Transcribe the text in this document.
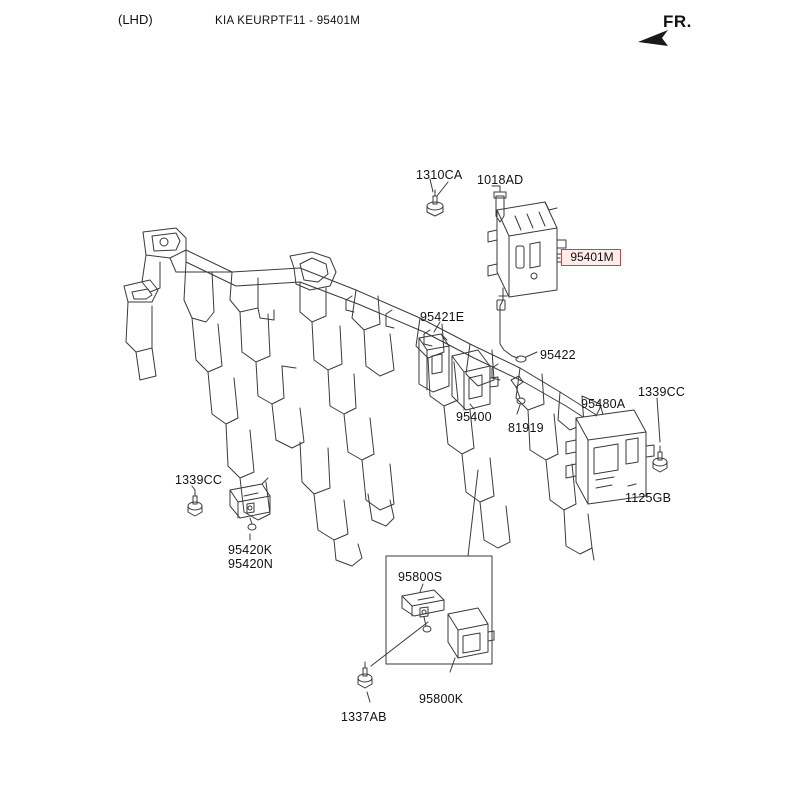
(LHD)	KIA KEURPTF11 - 95401M	FR.
95401M
1310CA 1018AD
95421E
95422
95400
81919
95480A
1339CC
1125GB
1339CC
95420K
95420N
95800S
95800K
1337AB
